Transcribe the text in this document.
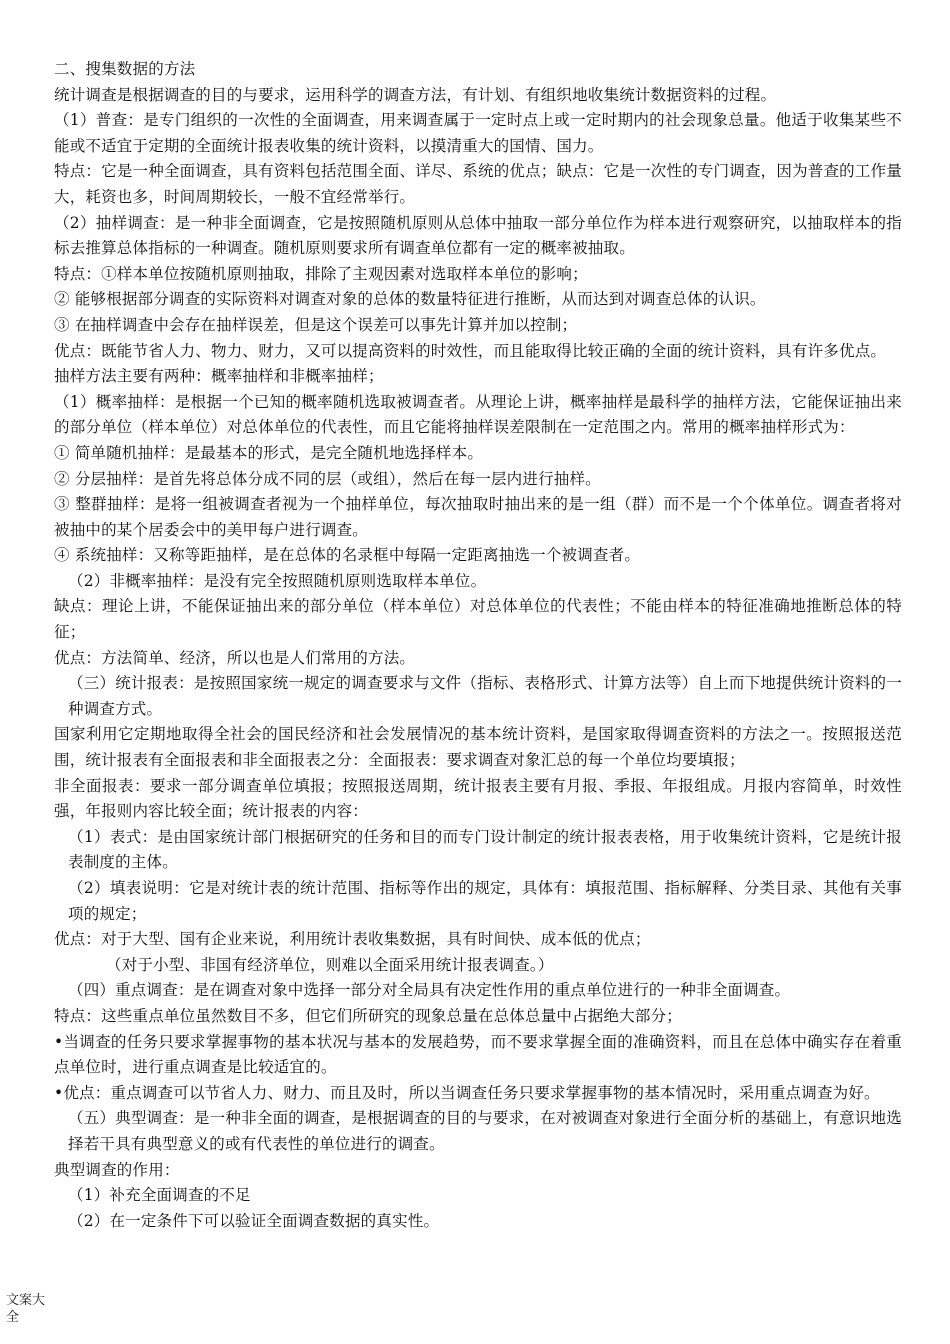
二、搜集数据的方法

统计调查是根据调查的目的与要求，运用科学的调查方法，有计划、有组织地收集统计数据资料的过程。

（1）普查：是专门组织的一次性的全面调查，用来调查属于一定时点上或一定时期内的社会现象总量。他适于收集某些不能或不适宜于定期的全面统计报表收集的统计资料，以摸清重大的国情、国力。

特点：它是一种全面调查，具有资料包括范围全面、详尽、系统的优点；缺点：它是一次性的专门调查，因为普查的工作量大，耗资也多，时间周期较长，一般不宜经常举行。

（2）抽样调查：是一种非全面调查，它是按照随机原则从总体中抽取一部分单位作为样本进行观察研究，以抽取样本的指标去推算总体指标的一种调查。随机原则要求所有调查单位都有一定的概率被抽取。

特点：①样本单位按随机原则抽取，排除了主观因素对选取样本单位的影响；

② 能够根据部分调查的实际资料对调查对象的总体的数量特征进行推断，从而达到对调查总体的认识。

③ 在抽样调查中会存在抽样误差，但是这个误差可以事先计算并加以控制；

优点：既能节省人力、物力、财力，又可以提高资料的时效性，而且能取得比较正确的全面的统计资料，具有许多优点。

抽样方法主要有两种：概率抽样和非概率抽样；

（1）概率抽样：是根据一个已知的概率随机选取被调查者。从理论上讲，概率抽样是最科学的抽样方法，它能保证抽出来的部分单位（样本单位）对总体单位的代表性，而且它能将抽样误差限制在一定范围之内。常用的概率抽样形式为：

① 简单随机抽样：是最基本的形式，是完全随机地选择样本。

② 分层抽样：是首先将总体分成不同的层（或组），然后在每一层内进行抽样。

③ 整群抽样：是将一组被调查者视为一个抽样单位，每次抽取时抽出来的是一组（群）而不是一个个体单位。调查者将对被抽中的某个居委会中的美甲每户进行调查。

④ 系统抽样：又称等距抽样，是在总体的名录框中每隔一定距离抽选一个被调查者。

（2）非概率抽样：是没有完全按照随机原则选取样本单位。

缺点：理论上讲，不能保证抽出来的部分单位（样本单位）对总体单位的代表性；不能由样本的特征准确地推断总体的特征；

优点：方法简单、经济，所以也是人们常用的方法。

（三）统计报表：是按照国家统一规定的调查要求与文件（指标、表格形式、计算方法等）自上而下地提供统计资料的一种调查方式。

国家利用它定期地取得全社会的国民经济和社会发展情况的基本统计资料，是国家取得调查资料的方法之一。按照报送范围，统计报表有全面报表和非全面报表之分：全面报表：要求调查对象汇总的每一个单位均要填报；

非全面报表：要求一部分调查单位填报；按照报送周期，统计报表主要有月报、季报、年报组成。月报内容简单，时效性强，年报则内容比较全面；统计报表的内容：

（1）表式：是由国家统计部门根据研究的任务和目的而专门设计制定的统计报表表格，用于收集统计资料，它是统计报表制度的主体。

（2）填表说明：它是对统计表的统计范围、指标等作出的规定，具体有：填报范围、指标解释、分类目录、其他有关事项的规定；

优点：对于大型、国有企业来说，利用统计表收集数据，具有时间快、成本低的优点；

（对于小型、非国有经济单位，则难以全面采用统计报表调查。）

（四）重点调查：是在调查对象中选择一部分对全局具有决定性作用的重点单位进行的一种非全面调查。

特点：这些重点单位虽然数目不多，但它们所研究的现象总量在总体总量中占据绝大部分；

•当调查的任务只要求掌握事物的基本状况与基本的发展趋势，而不要求掌握全面的准确资料，而且在总体中确实存在着重点单位时，进行重点调查是比较适宜的。

•优点：重点调查可以节省人力、财力、而且及时，所以当调查任务只要求掌握事物的基本情况时，采用重点调查为好。

（五）典型调查：是一种非全面的调查，是根据调查的目的与要求，在对被调查对象进行全面分析的基础上，有意识地选择若干具有典型意义的或有代表性的单位进行的调查。

典型调查的作用：

（1）补充全面调查的不足

（2）在一定条件下可以验证全面调查数据的真实性。

文案大全
